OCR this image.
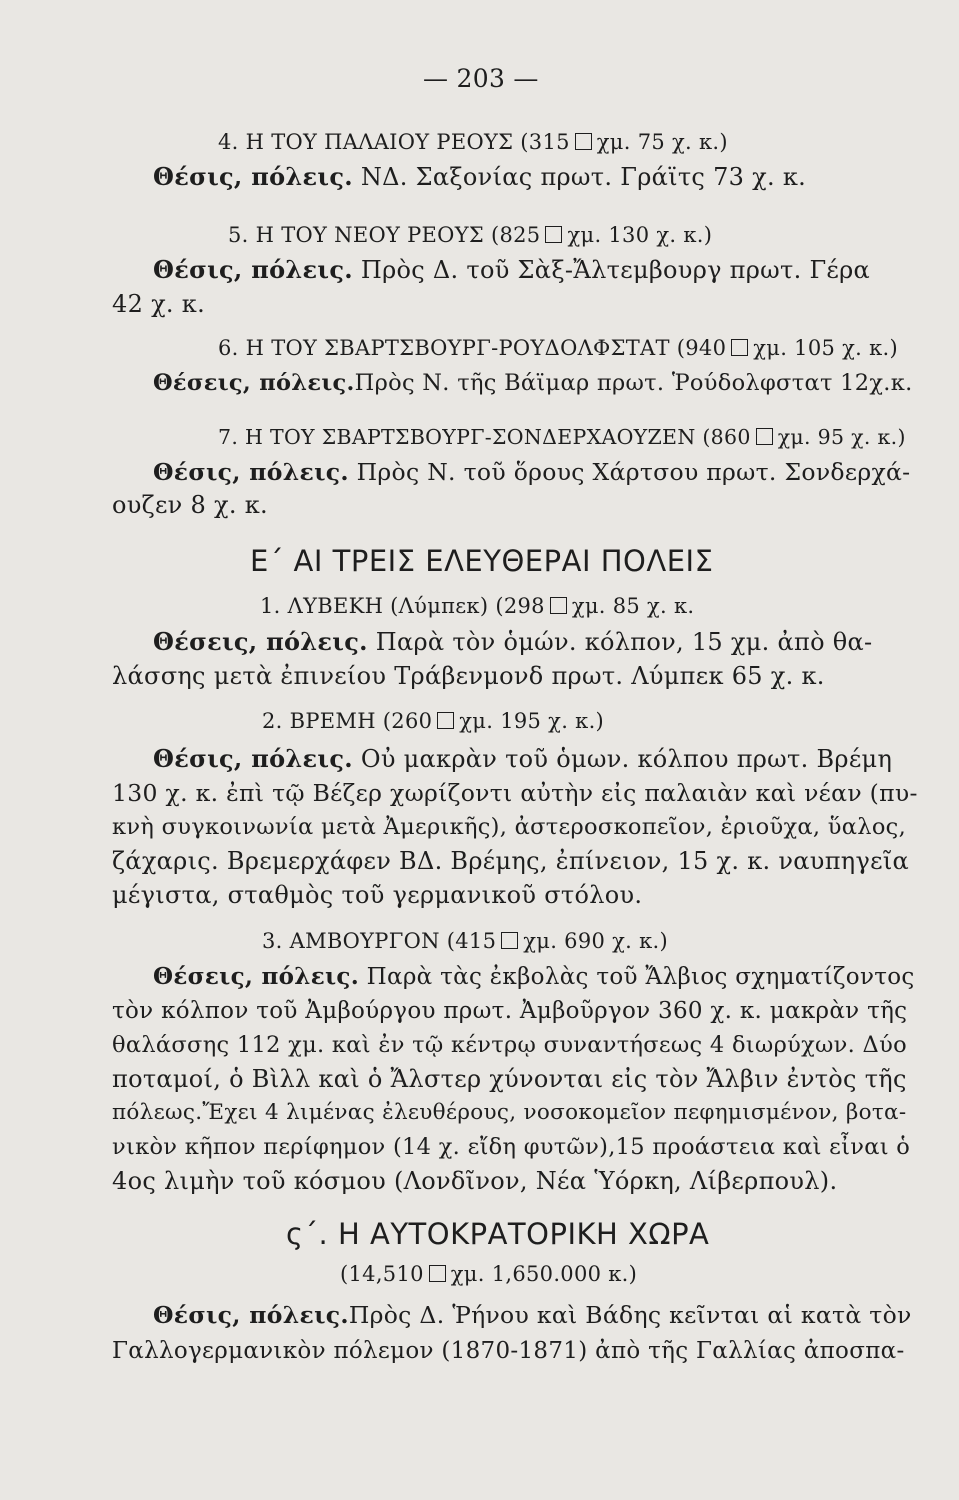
— 203 —
4. Η ΤΟΥ ΠΑΛΑΙΟΥ ΡΕΟΥΣ (315 χμ. 75 χ. κ.)
Θέσις, πόλεις. ΝΔ. Σαξονίας πρωτ. Γράϊτς 73 χ. κ.
5. Η ΤΟΥ ΝΕΟΥ ΡΕΟΥΣ (825 χμ. 130 χ. κ.)
Θέσις, πόλεις. Πρὸς Δ. τοῦ Σὰξ-Ἄλτεμβουργ πρωτ. Γέρα
42 χ. κ.
6. Η ΤΟΥ ΣΒΑΡΤΣΒΟΥΡΓ-ΡΟΥΔΟΛΦΣΤΑΤ (940 χμ. 105 χ. κ.)
Θέσεις, πόλεις.Πρὸς Ν. τῆς Βάϊμαρ πρωτ. Ῥούδολφστατ 12χ.κ.
7. Η ΤΟΥ ΣΒΑΡΤΣΒΟΥΡΓ-ΣΟΝΔΕΡΧΑΟΥΖΕΝ (860 χμ. 95 χ. κ.)
Θέσις, πόλεις. Πρὸς Ν. τοῦ ὅρους Χάρτσου πρωτ. Σονδερχά-
ουζεν 8 χ. κ.
Ε΄ ΑΙ ΤΡΕΙΣ ΕΛΕΥΘΕΡΑΙ ΠΟΛΕΙΣ
1. ΛΥΒΕΚΗ (Λύμπεκ) (298 χμ. 85 χ. κ.
Θέσεις, πόλεις. Παρὰ τὸν ὁμών. κόλπον, 15 χμ. ἀπὸ θα-
λάσσης μετὰ ἐπινείου Τράβενμονδ πρωτ. Λύμπεκ 65 χ. κ.
2. ΒΡΕΜΗ (260 χμ. 195 χ. κ.)
Θέσις, πόλεις. Οὐ μακρὰν τοῦ ὁμων. κόλπου πρωτ. Βρέμη
130 χ. κ. ἐπὶ τῷ Βέζερ χωρίζοντι αὐτὴν εἰς παλαιὰν καὶ νέαν (πυ-
κνὴ συγκοινωνία μετὰ Ἀμερικῆς), ἀστεροσκοπεῖον, ἐριοῦχα, ὕαλος,
ζάχαρις. Βρεμερχάφεν ΒΔ. Βρέμης, ἐπίνειον, 15 χ. κ. ναυπηγεῖα
μέγιστα, σταθμὸς τοῦ γερμανικοῦ στόλου.
3. ΑΜΒΟΥΡΓΟΝ (415 χμ. 690 χ. κ.)
Θέσεις, πόλεις. Παρὰ τὰς ἐκβολὰς τοῦ Ἄλβιος σχηματίζοντος
τὸν κόλπον τοῦ Ἀμβούργου πρωτ. Ἀμβοῦργον 360 χ. κ. μακρὰν τῆς
θαλάσσης 112 χμ. καὶ ἐν τῷ κέντρῳ συναντήσεως 4 διωρύχων. Δύο
ποταμοί, ὁ Βὶλλ καὶ ὁ Ἄλστερ χύνονται εἰς τὸν Ἄλβιν ἐντὸς τῆς
πόλεως.Ἔχει 4 λιμένας ἐλευθέρους, νοσοκομεῖον πεφημισμένον, βοτα-
νικὸν κῆπον περίφημον (14 χ. εἴδη φυτῶν),15 προάστεια καὶ εἶναι ὁ
4ος λιμὴν τοῦ κόσμου (Λονδῖνον, Νέα Ὑόρκη, Λίβερπουλ).
ς΄. Η ΑΥΤΟΚΡΑΤΟΡΙΚΗ ΧΩΡΑ
(14,510 χμ. 1,650.000 κ.)
Θέσις, πόλεις.Πρὸς Δ. Ῥήνου καὶ Βάδης κεῖνται αἱ κατὰ τὸν
Γαλλογερμανικὸν πόλεμον (1870-1871) ἀπὸ τῆς Γαλλίας ἀποσπα-
